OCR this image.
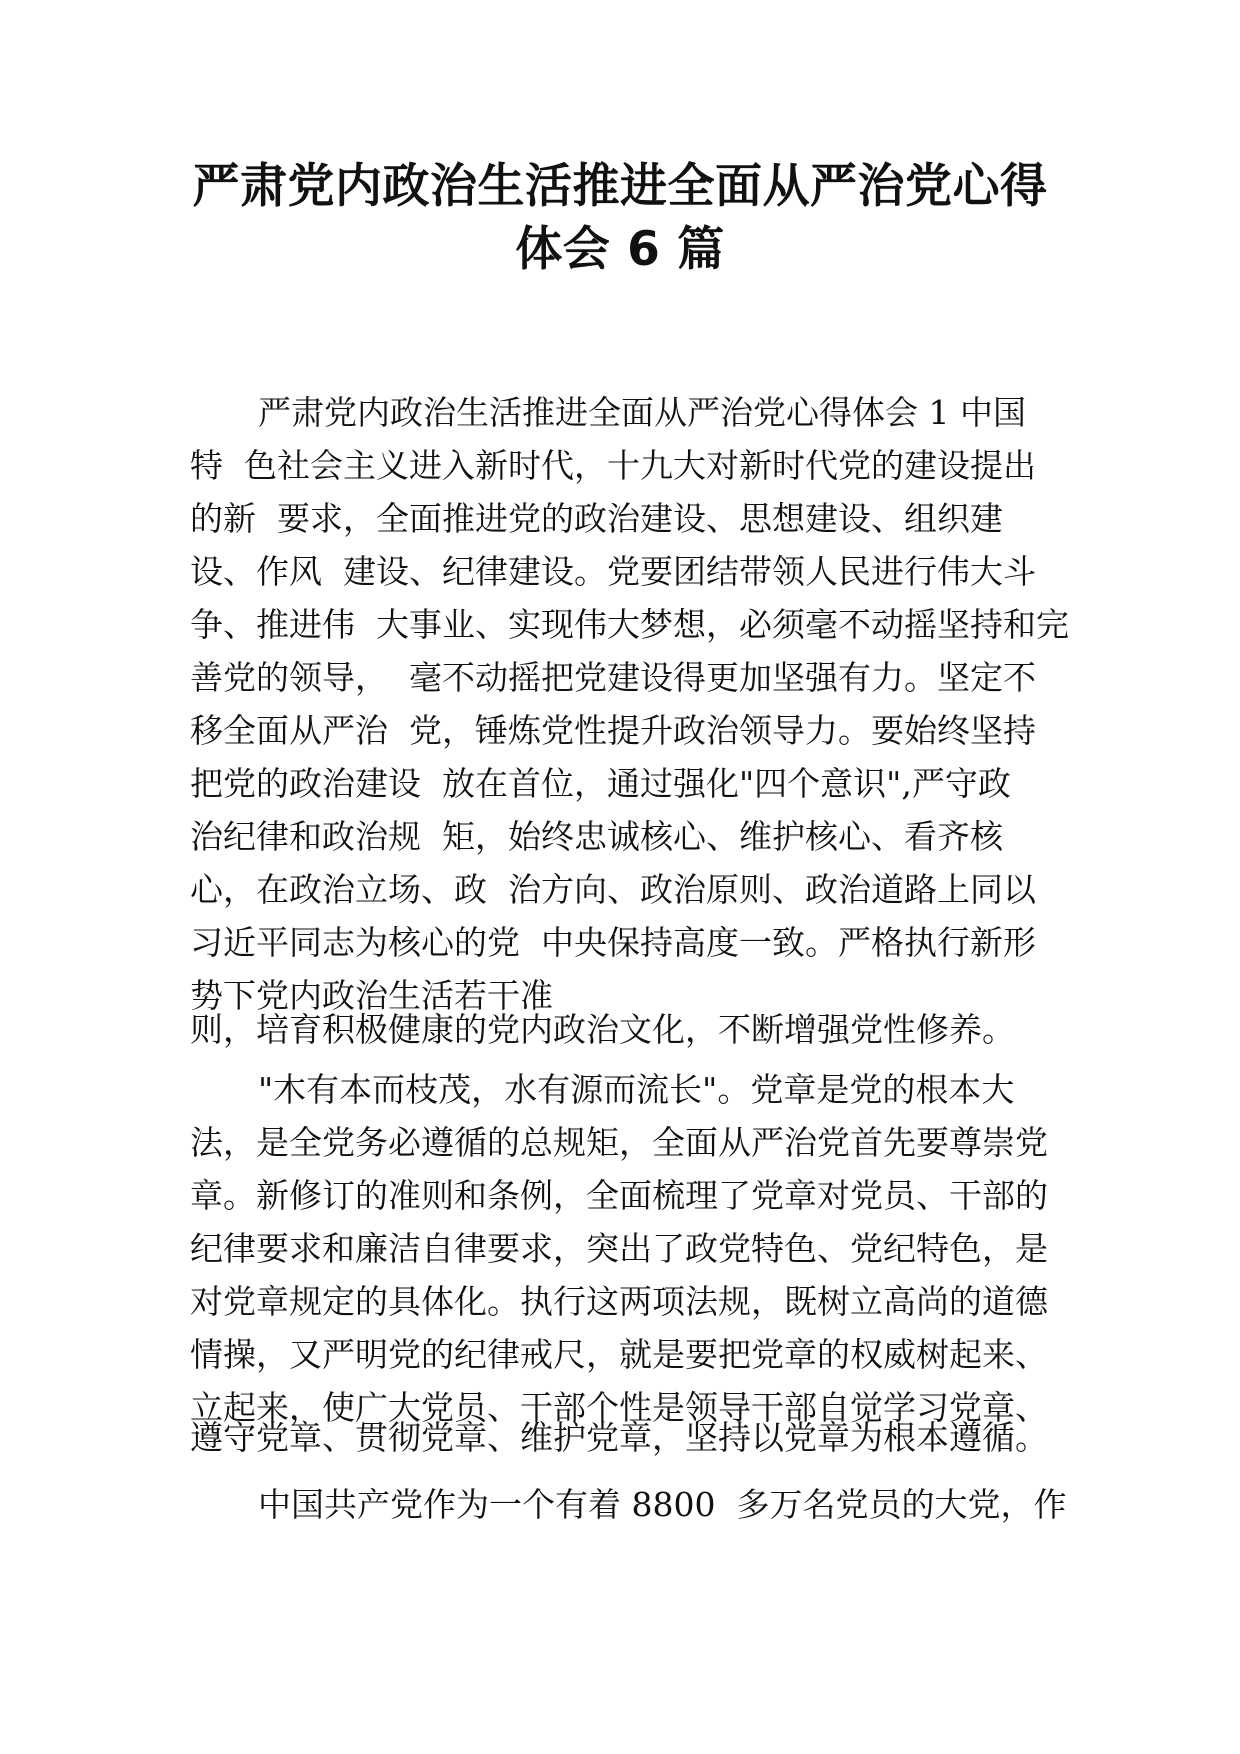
严肃党内政治生活推进全面从严治党心得
体会 6 篇
严肃党内政治生活推进全面从严治党心得体会 1 中国
特  色社会主义进入新时代，十九大对新时代党的建设提出
的新  要求，全面推进党的政治建设、思想建设、组织建
设、作风  建设、纪律建设。党要团结带领人民进行伟大斗
争、推进伟  大事业、实现伟大梦想，必须毫不动摇坚持和完
善党的领导，  毫不动摇把党建设得更加坚强有力。坚定不
移全面从严治  党，锤炼党性提升政治领导力。要始终坚持
把党的政治建设  放在首位，通过强化"四个意识",严守政
治纪律和政治规  矩，始终忠诚核心、维护核心、看齐核
心，在政治立场、政  治方向、政治原则、政治道路上同以
习近平同志为核心的党  中央保持高度一致。严格执行新形
势下党内政治生活若干准
则，培育积极健康的党内政治文化，不断增强党性修养。
"木有本而枝茂，水有源而流长"。党章是党的根本大
法，是全党务必遵循的总规矩，全面从严治党首先要尊崇党
章。新修订的准则和条例，全面梳理了党章对党员、干部的
纪律要求和廉洁自律要求，突出了政党特色、党纪特色，是
对党章规定的具体化。执行这两项法规，既树立高尚的道德
情操，又严明党的纪律戒尺，就是要把党章的权威树起来、
立起来，使广大党员、干部个性是领导干部自觉学习党章、
遵守党章、贯彻党章、维护党章，坚持以党章为根本遵循。
中国共产党作为一个有着 8800  多万名党员的大党，作
